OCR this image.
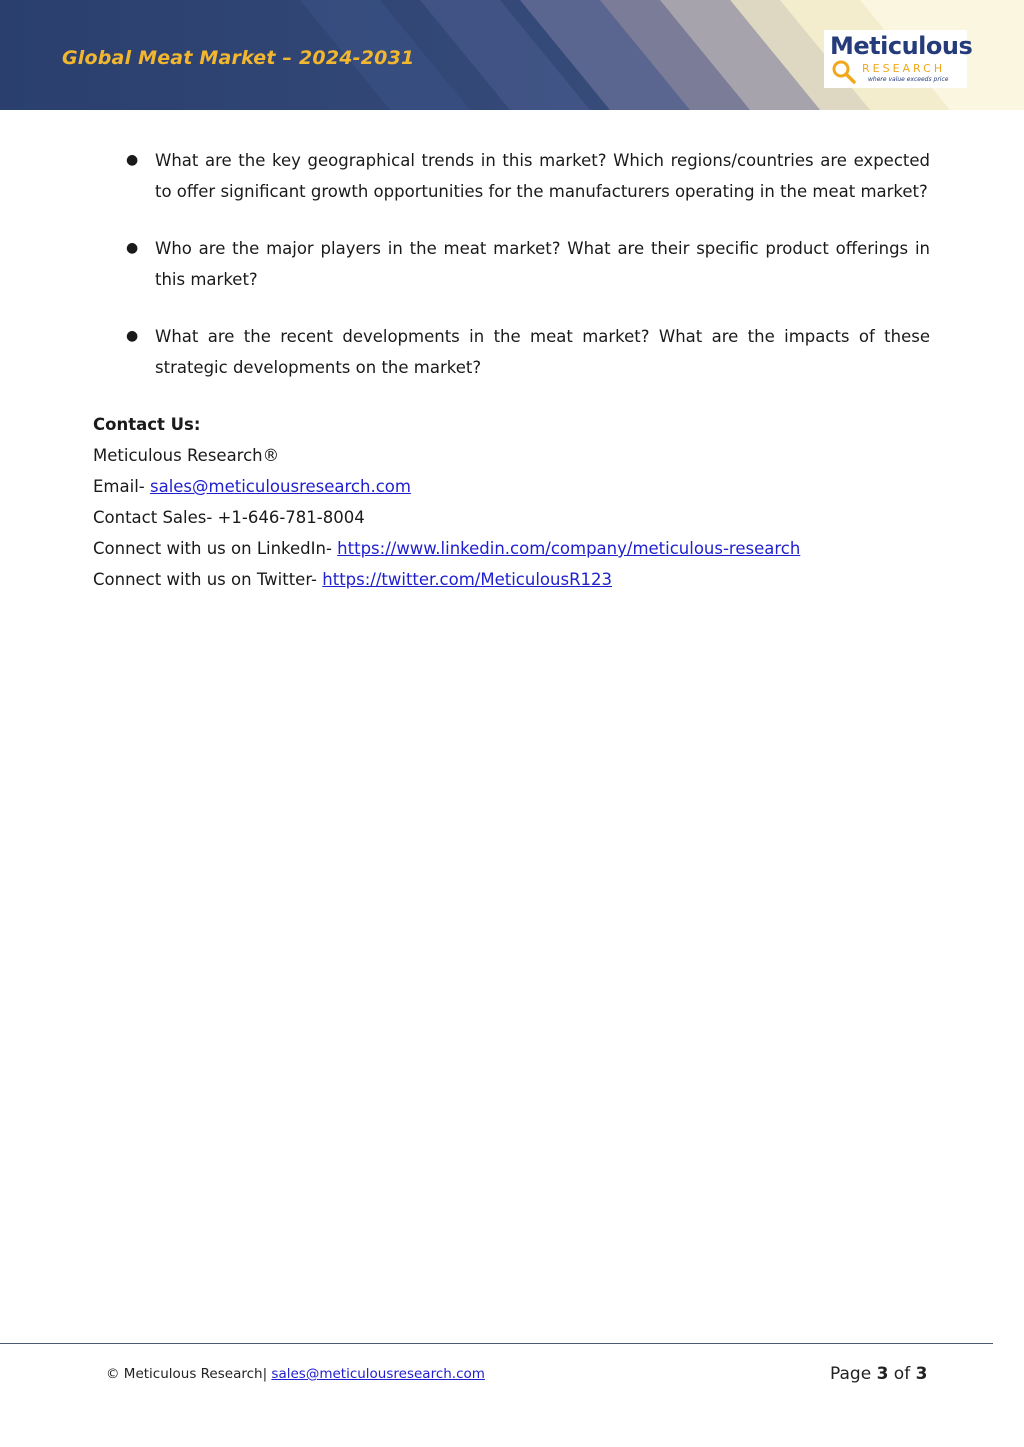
Global Meat Market – 2024-2031	Meticulous
RESEARCH
where value exceeds price
● What are the key geographical trends in this market? Which regions/countries are expected to offer significant growth opportunities for the manufacturers operating in the meat market?
● Who are the major players in the meat market? What are their specific product offerings in this market?
● What are the recent developments in the meat market? What are the impacts of these strategic developments on the market?
Contact Us:
Meticulous Research®
Email- sales@meticulousresearch.com
Contact Sales- +1-646-781-8004
Connect with us on LinkedIn- https://www.linkedin.com/company/meticulous-research
Connect with us on Twitter- https://twitter.com/MeticulousR123
© Meticulous Research| sales@meticulousresearch.com	Page 3 of 3
